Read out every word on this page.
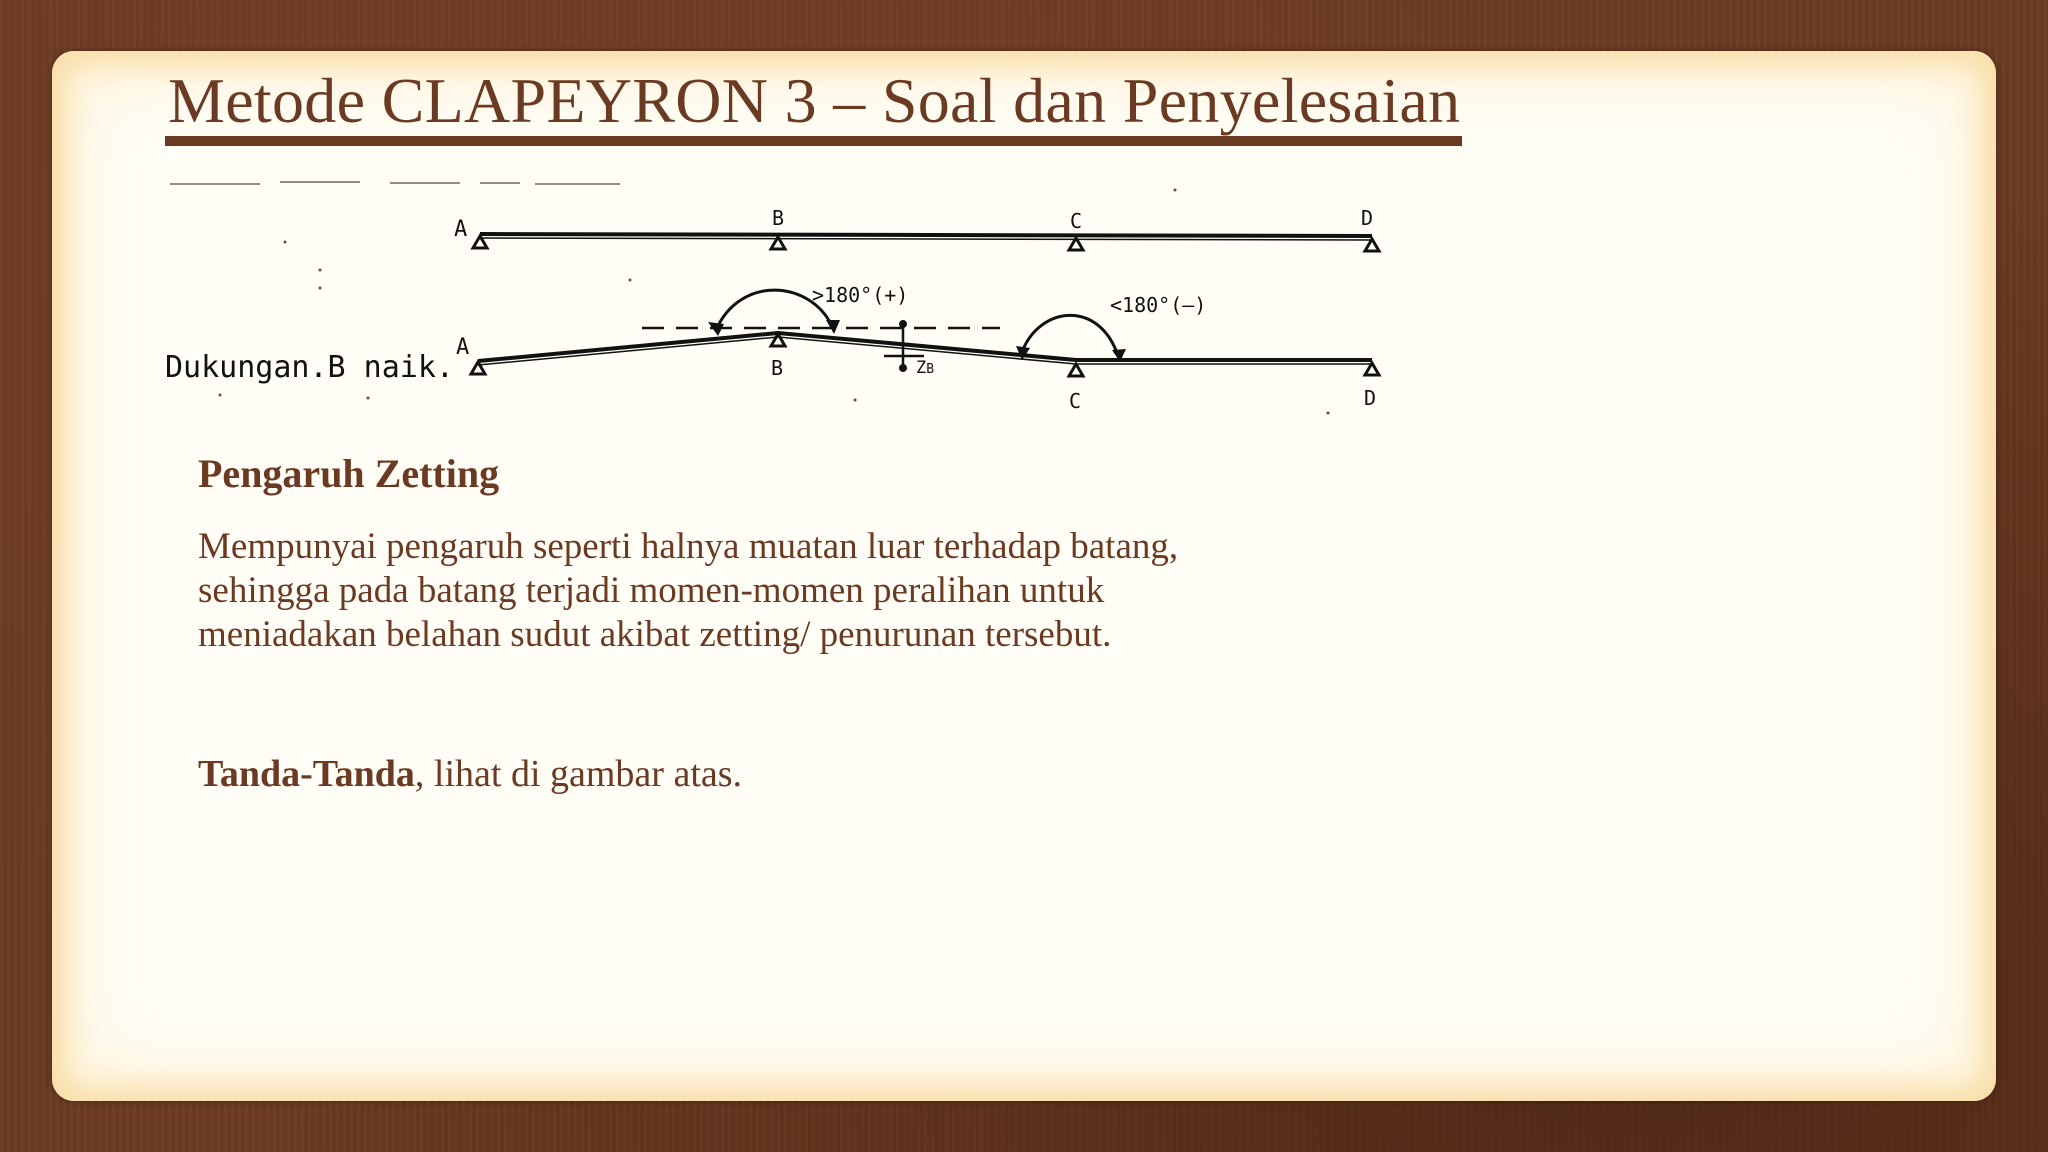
Metode CLAPEYRON 3 – Soal dan Penyelesaian
A	B	C	D
A
B
C	D
>180°(+)	<180°(–)
ZB
Dukungan.B naik.
Pengaruh Zetting

Mempunyai pengaruh seperti halnya muatan luar terhadap batang,
sehingga pada batang terjadi momen-momen peralihan untuk
meniadakan belahan sudut akibat zetting/ penurunan tersebut.

Tanda-Tanda, lihat di gambar atas.
